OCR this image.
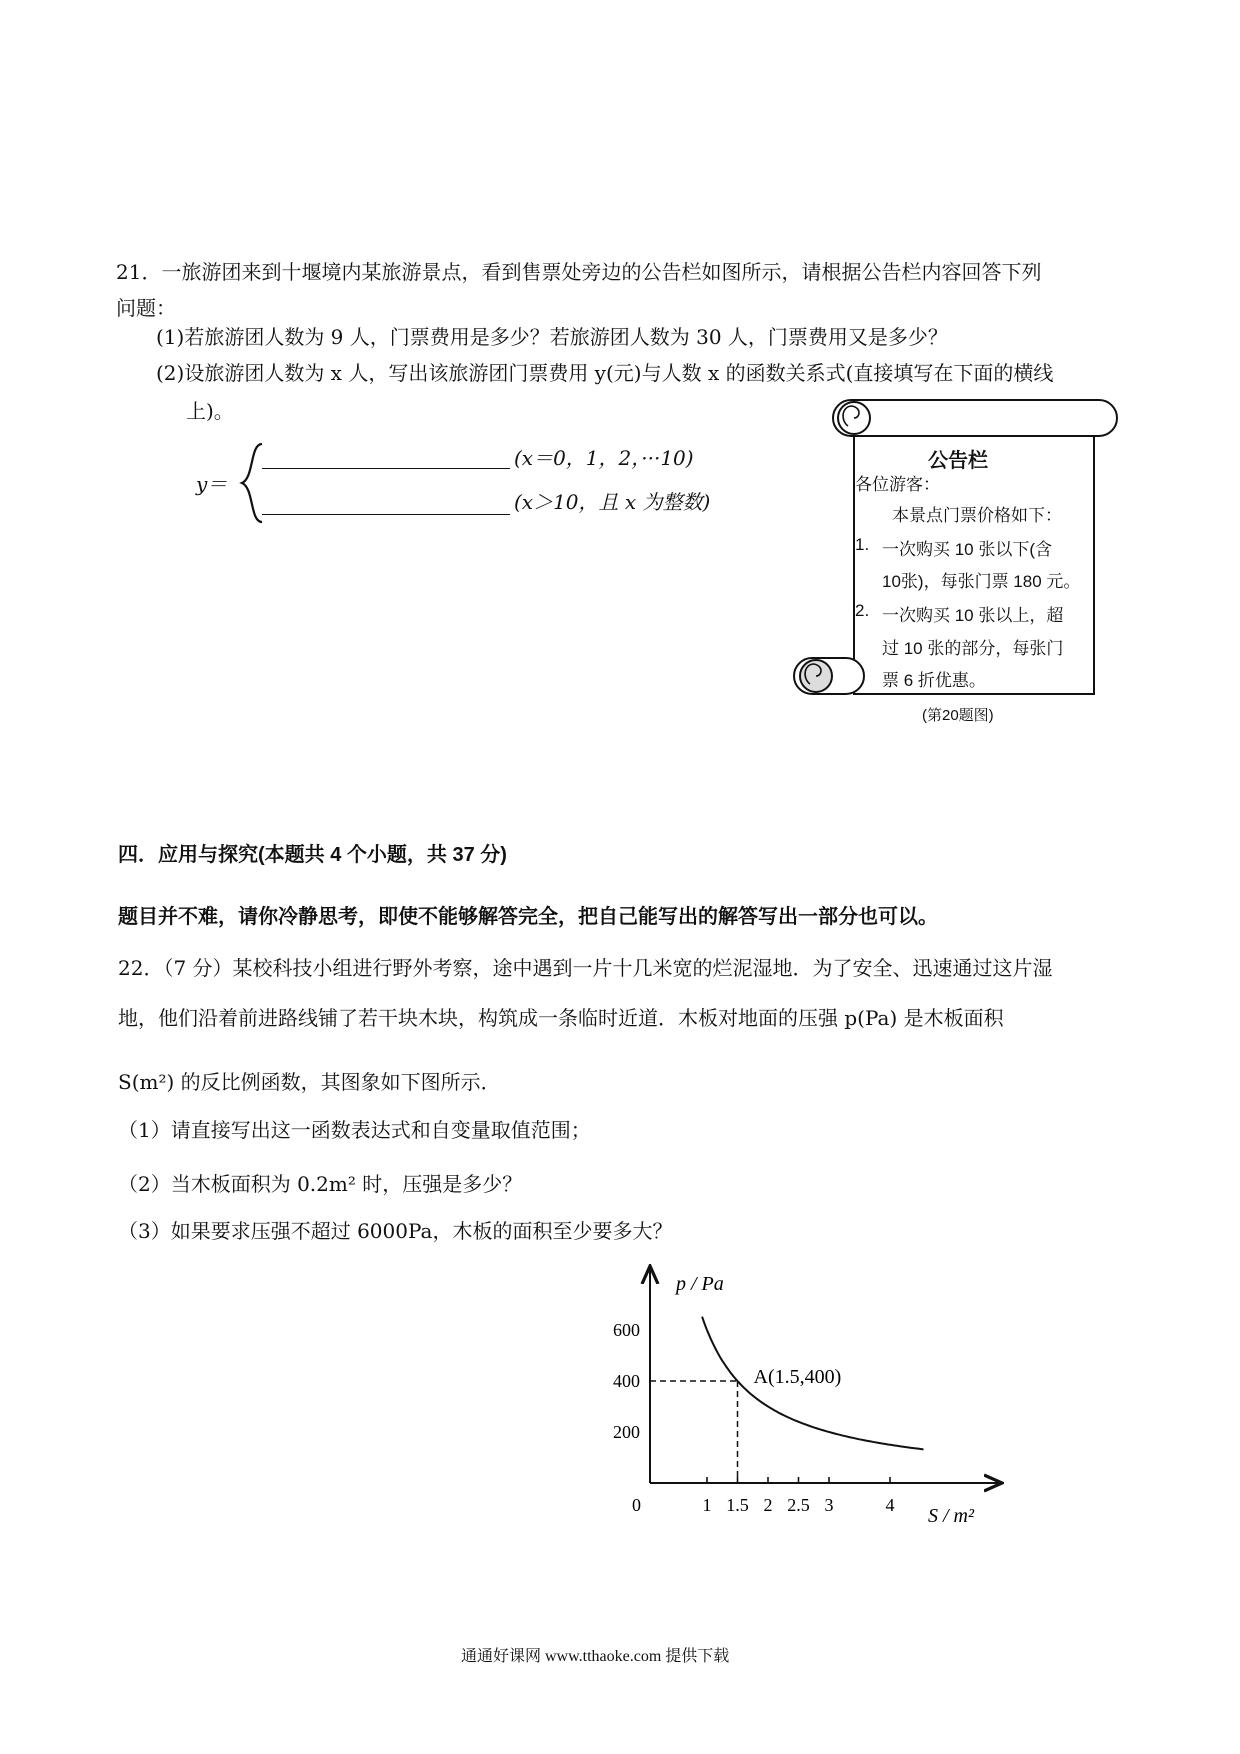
21．一旅游团来到十堰境内某旅游景点，看到售票处旁边的公告栏如图所示，请根据公告栏内容回答下列
问题：
(1)若旅游团人数为 9 人，门票费用是多少？若旅游团人数为 30 人，门票费用又是多少？
(2)设旅游团人数为 x 人，写出该旅游团门票费用 y(元)与人数 x 的函数关系式(直接填写在下面的横线
上)。
y＝
(x＝0，1，2，···10)
(x＞10，且 x 为整数)
公告栏
各位游客：
本景点门票价格如下：
1. 一次购买 10 张以下(含
10张)，每张门票 180 元。
2. 一次购买 10 张以上，超
过 10 张的部分，每张门
票 6 折优惠。
(第20题图)
四．应用与探究(本题共 4 个小题，共 37 分)
题目并不难，请你冷静思考，即使不能够解答完全，把自己能写出的解答写出一部分也可以。
22．（7 分）某校科技小组进行野外考察，途中遇到一片十几米宽的烂泥湿地．为了安全、迅速通过这片湿
地，他们沿着前进路线铺了若干块木块，构筑成一条临时近道．木板对地面的压强 p(Pa) 是木板面积
S(m²) 的反比例函数，其图象如下图所示．
（1）请直接写出这一函数表达式和自变量取值范围；
（2）当木板面积为 0.2m² 时，压强是多少？
（3）如果要求压强不超过 6000Pa，木板的面积至少要多大？
0	1 1.5 2 2.5 3	4
200
400
600
p / Pa
S / m²
A(1.5,400)
通通好课网 www.tthaoke.com 提供下载
